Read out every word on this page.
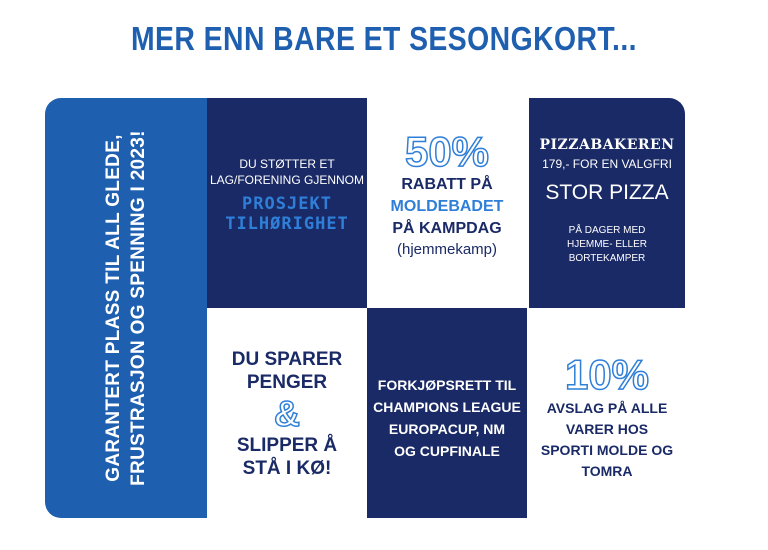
MER ENN BARE ET SESONGKORT...
GARANTERT PLASS TIL ALL GLEDE, FRUSTRASJON OG SPENNING I 2023!	DU STØTTER ET
LAG/FORENING GJENNOM
PROSJEKT
TILHØRIGHET
50%
RABATT PÅ
MOLDEBADET
PÅ KAMPDAG
(hjemmekamp)
PIZZABAKEREN
179,- FOR EN VALGFRI
STOR PIZZA
PÅ DAGER MED
HJEMME- ELLER BORTEKAMPER
DU SPARER
PENGER
&
SLIPPER Å
STÅ I KØ!
FORKJØPSRETT TIL
CHAMPIONS LEAGUE
EUROPACUP, NM
OG CUPFINALE
10%
AVSLAG PÅ ALLE
VARER HOS
SPORTI MOLDE OG
TOMRA
